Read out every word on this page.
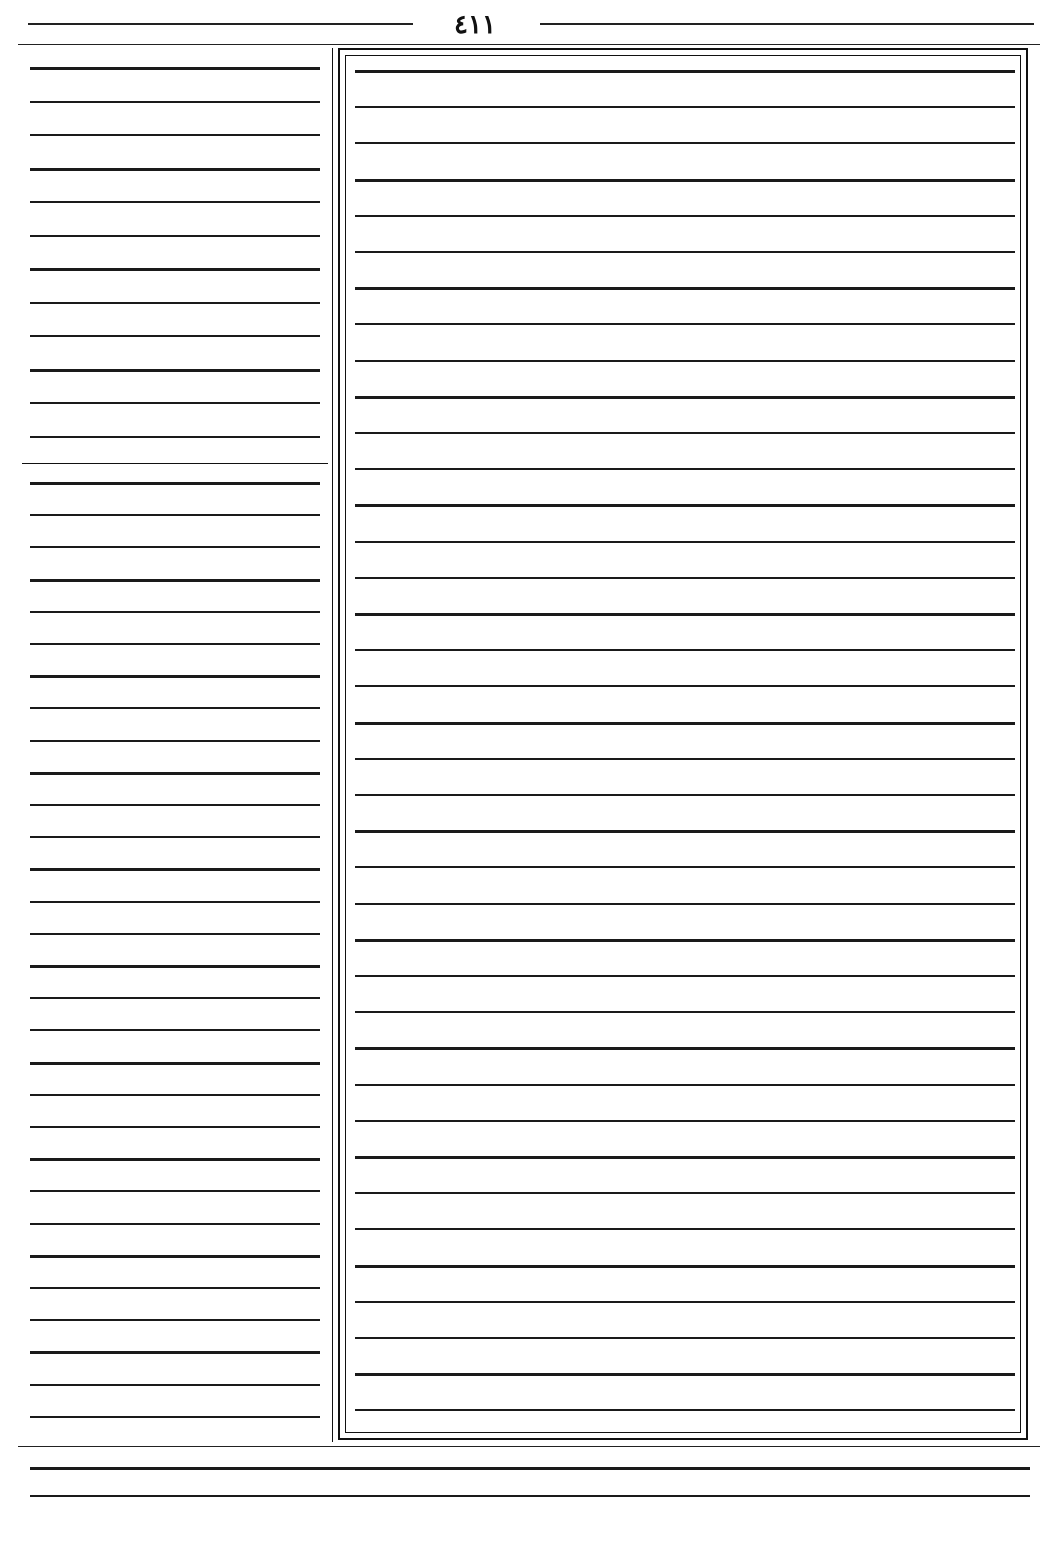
٤١١
